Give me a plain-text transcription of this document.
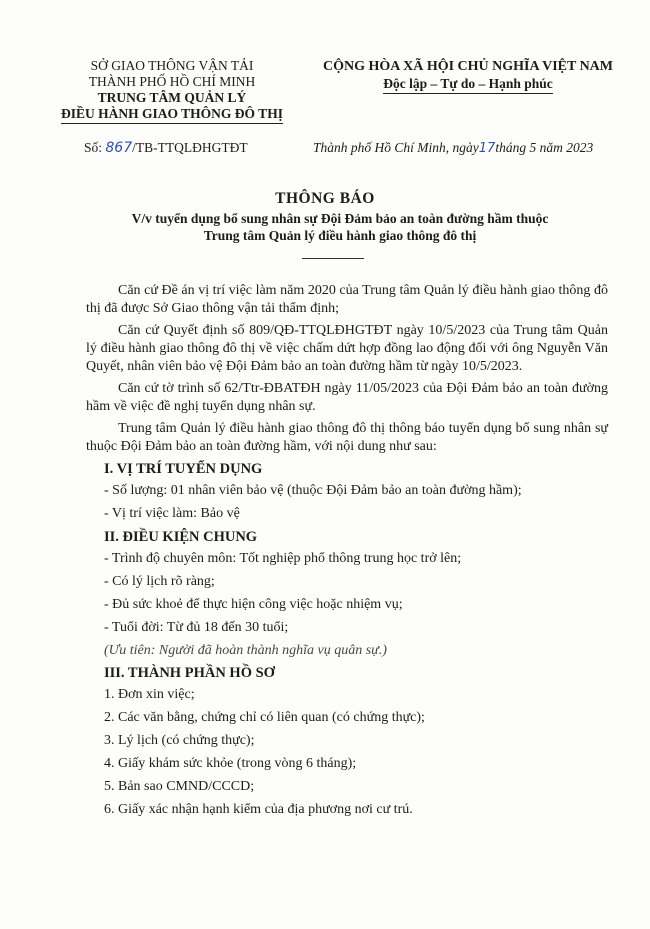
SỞ GIAO THÔNG VẬN TẢI
THÀNH PHỐ HỒ CHÍ MINH
TRUNG TÂM QUẢN LÝ
ĐIỀU HÀNH GIAO THÔNG ĐÔ THỊ
CỘNG HÒA XÃ HỘI CHỦ NGHĨA VIỆT NAM
Độc lập – Tự do – Hạnh phúc
Số: 867/TB-TTQLĐHGTĐT	Thành phố Hồ Chí Minh, ngày17tháng 5 năm 2023
THÔNG BÁO
V/v tuyển dụng bổ sung nhân sự Đội Đảm bảo an toàn đường hầm thuộc
Trung tâm Quản lý điều hành giao thông đô thị

Căn cứ Đề án vị trí việc làm năm 2020 của Trung tâm Quản lý điều hành giao thông đô thị đã được Sở Giao thông vận tải thẩm định;

Căn cứ Quyết định số 809/QĐ-TTQLĐHGTĐT ngày 10/5/2023 của Trung tâm Quản lý điều hành giao thông đô thị về việc chấm dứt hợp đồng lao động đối với ông Nguyễn Văn Quyết, nhân viên bảo vệ Đội Đảm bảo an toàn đường hầm từ ngày 10/5/2023.

Căn cứ tờ trình số 62/Ttr-ĐBATĐH ngày 11/05/2023 của Đội Đảm bảo an toàn đường hầm về việc đề nghị tuyển dụng nhân sự.

Trung tâm Quản lý điều hành giao thông đô thị thông báo tuyển dụng bổ sung nhân sự thuộc Đội Đảm bảo an toàn đường hầm, với nội dung như sau:

I. VỊ TRÍ TUYỂN DỤNG
- Số lượng: 01 nhân viên bảo vệ (thuộc Đội Đảm bảo an toàn đường hầm);
- Vị trí việc làm: Bảo vệ
II. ĐIỀU KIỆN CHUNG
- Trình độ chuyên môn: Tốt nghiệp phổ thông trung học trở lên;
- Có lý lịch rõ ràng;
- Đủ sức khoẻ để thực hiện công việc hoặc nhiệm vụ;
- Tuổi đời: Từ đủ 18 đến 30 tuổi;
(Ưu tiên: Người đã hoàn thành nghĩa vụ quân sự.)
III. THÀNH PHẦN HỒ SƠ
1. Đơn xin việc;
2. Các văn bằng, chứng chỉ có liên quan (có chứng thực);
3. Lý lịch (có chứng thực);
4. Giấy khám sức khỏe (trong vòng 6 tháng);
5. Bản sao CMND/CCCD;
6. Giấy xác nhận hạnh kiểm của địa phương nơi cư trú.
